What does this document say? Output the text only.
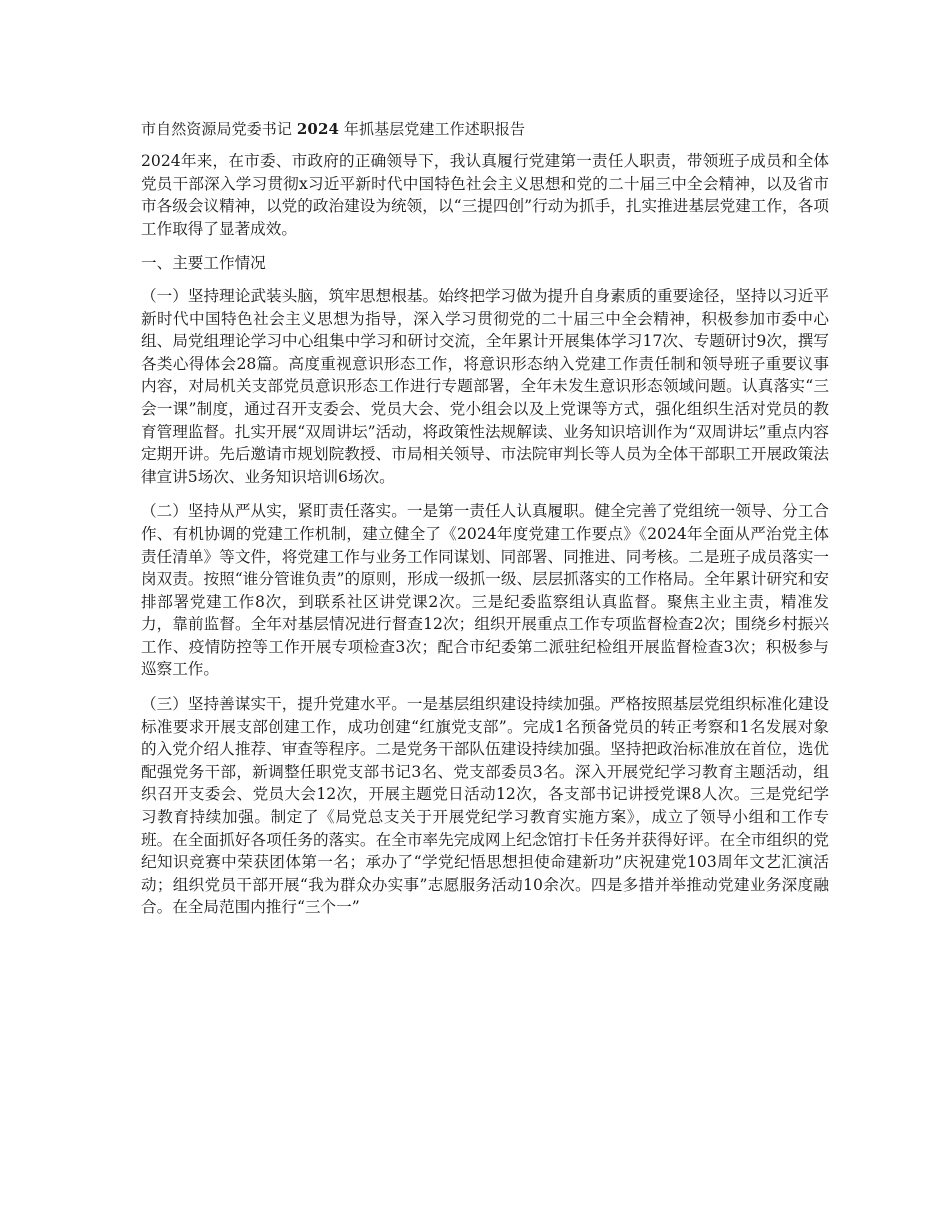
市自然资源局党委书记 2024 年抓基层党建工作述职报告

2024年来，在市委、市政府的正确领导下，我认真履行党建第一责任人职责，带领班子成员和全体党员干部深入学习贯彻x习近平新时代中国特色社会主义思想和党的二十届三中全会精神，以及省市市各级会议精神，以党的政治建设为统领，以“三提四创”行动为抓手，扎实推进基层党建工作，各项工作取得了显著成效。

一、主要工作情况

（一）坚持理论武装头脑，筑牢思想根基。始终把学习做为提升自身素质的重要途径，坚持以习近平新时代中国特色社会主义思想为指导，深入学习贯彻党的二十届三中全会精神，积极参加市委中心组、局党组理论学习中心组集中学习和研讨交流，全年累计开展集体学习17次、专题研讨9次，撰写各类心得体会28篇。高度重视意识形态工作，将意识形态纳入党建工作责任制和领导班子重要议事内容，对局机关支部党员意识形态工作进行专题部署，全年未发生意识形态领域问题。认真落实“三会一课”制度，通过召开支委会、党员大会、党小组会以及上党课等方式，强化组织生活对党员的教育管理监督。扎实开展“双周讲坛”活动，将政策性法规解读、业务知识培训作为“双周讲坛”重点内容定期开讲。先后邀请市规划院教授、市局相关领导、市法院审判长等人员为全体干部职工开展政策法律宣讲5场次、业务知识培训6场次。

（二）坚持从严从实，紧盯责任落实。一是第一责任人认真履职。健全完善了党组统一领导、分工合作、有机协调的党建工作机制，建立健全了《2024年度党建工作要点》《2024年全面从严治党主体责任清单》等文件，将党建工作与业务工作同谋划、同部署、同推进、同考核。二是班子成员落实一岗双责。按照“谁分管谁负责”的原则，形成一级抓一级、层层抓落实的工作格局。全年累计研究和安排部署党建工作8次，到联系社区讲党课2次。三是纪委监察组认真监督。聚焦主业主责，精准发力，靠前监督。全年对基层情况进行督查12次；组织开展重点工作专项监督检查2次；围绕乡村振兴工作、疫情防控等工作开展专项检查3次；配合市纪委第二派驻纪检组开展监督检查3次；积极参与巡察工作。

（三）坚持善谋实干，提升党建水平。一是基层组织建设持续加强。严格按照基层党组织标准化建设标准要求开展支部创建工作，成功创建“红旗党支部”。完成1名预备党员的转正考察和1名发展对象的入党介绍人推荐、审查等程序。二是党务干部队伍建设持续加强。坚持把政治标准放在首位，选优配强党务干部，新调整任职党支部书记3名、党支部委员3名。深入开展党纪学习教育主题活动，组织召开支委会、党员大会12次，开展主题党日活动12次，各支部书记讲授党课8人次。三是党纪学习教育持续加强。制定了《局党总支关于开展党纪学习教育实施方案》，成立了领导小组和工作专班。在全面抓好各项任务的落实。在全市率先完成网上纪念馆打卡任务并获得好评。在全市组织的党纪知识竞赛中荣获团体第一名；承办了“学党纪悟思想担使命建新功”庆祝建党103周年文艺汇演活动；组织党员干部开展“我为群众办实事”志愿服务活动10余次。四是多措并举推动党建业务深度融合。在全局范围内推行“三个一”
